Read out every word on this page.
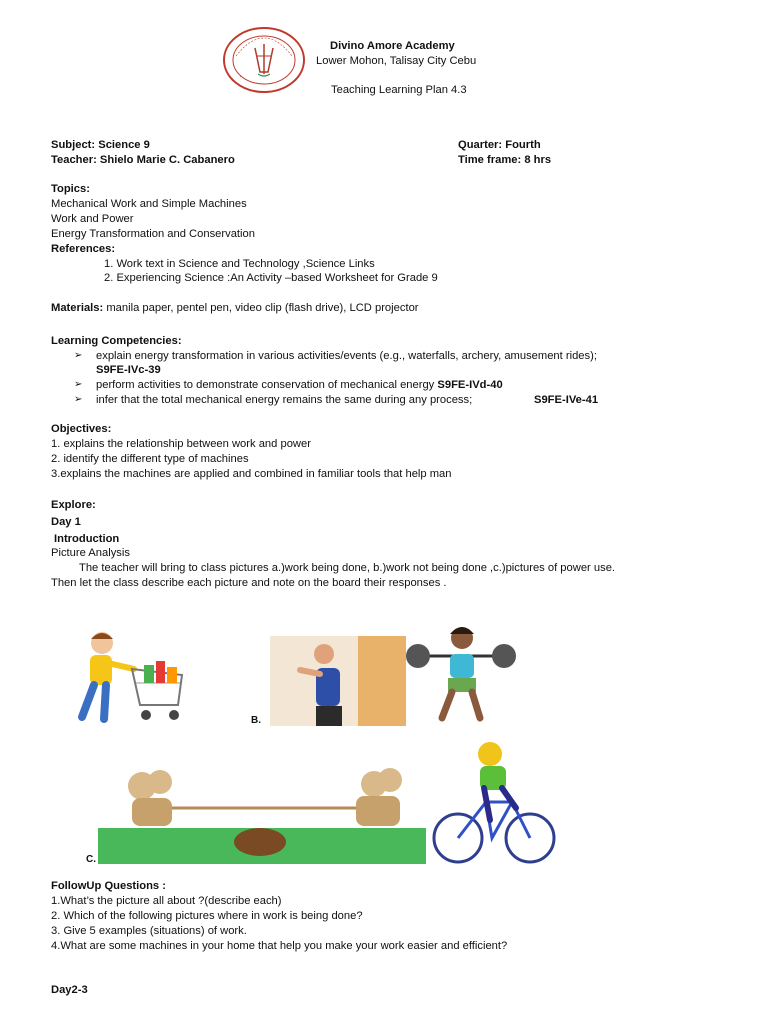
Divino Amore Academy
Lower Mohon, Talisay City Cebu
Teaching Learning Plan 4.3
Subject: Science 9
Teacher: Shielo Marie C. Cabanero
Quarter: Fourth
Time frame: 8 hrs
Topics:
Mechanical Work and Simple Machines
Work and Power
Energy Transformation and Conservation
References:
1. Work text in Science and Technology ,Science Links
2. Experiencing Science :An Activity –based Worksheet for Grade 9
Materials: manila paper, pentel pen, video clip (flash drive), LCD projector
Learning Competencies:
➢ explain energy transformation in various activities/events (e.g., waterfalls, archery, amusement rides);
S9FE-IVc-39
➢ perform activities to demonstrate conservation of mechanical energy S9FE-IVd-40
➢ infer that the total mechanical energy remains the same during any process;	S9FE-IVe-41
Objectives:
1. explains the relationship between work and power
2. identify the different type of machines
3.explains the machines are applied and combined in familiar tools that help man
Explore:
Day 1
Introduction
Picture Analysis
The teacher will bring to class pictures a.)work being done, b.)work not being done ,c.)pictures of power use.
Then let the class describe each picture and note on the board their responses .
B.
C.
FollowUp Questions :
1.What’s the picture all about ?(describe each)
2. Which of the following pictures where in work is being done?
3. Give 5 examples (situations) of work.
4.What are some machines in your home that help you make your work easier and efficient?
Day2-3
